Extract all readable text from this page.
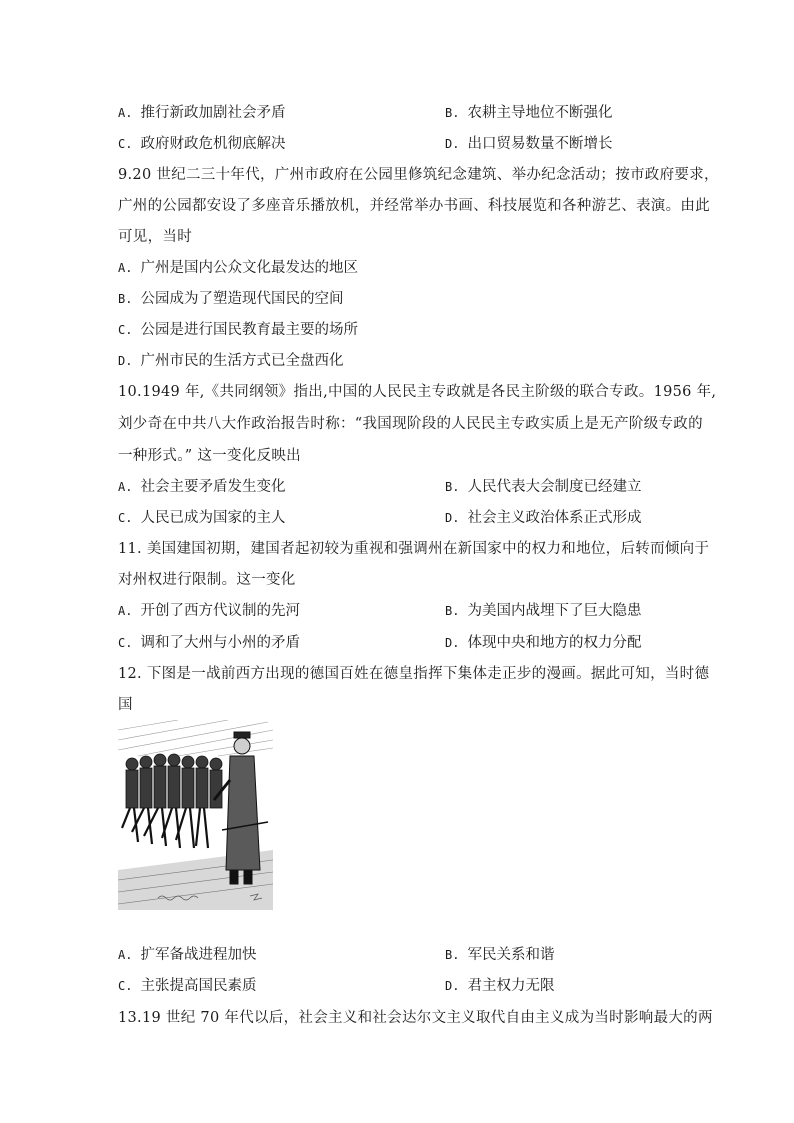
A. 推行新政加剧社会矛盾	B. 农耕主导地位不断强化
C. 政府财政危机彻底解决	D. 出口贸易数量不断增长
9.20 世纪二三十年代，广州市政府在公园里修筑纪念建筑、举办纪念活动；按市政府要求，
广州的公园都安设了多座音乐播放机，并经常举办书画、科技展览和各种游艺、表演。由此
可见，当时
A. 广州是国内公众文化最发达的地区
B. 公园成为了塑造现代国民的空间
C. 公园是进行国民教育最主要的场所
D. 广州市民的生活方式已全盘西化
10.1949 年,《共同纲领》指出,中国的人民民主专政就是各民主阶级的联合专政。1956 年,
刘少奇在中共八大作政治报告时称：“我国现阶段的人民民主专政实质上是无产阶级专政的
一种形式。” 这一变化反映出
A. 社会主要矛盾发生变化	B. 人民代表大会制度已经建立
C. 人民已成为国家的主人	D. 社会主义政治体系正式形成
11. 美国建国初期，建国者起初较为重视和强调州在新国家中的权力和地位，后转而倾向于
对州权进行限制。这一变化
A. 开创了西方代议制的先河	B. 为美国内战埋下了巨大隐患
C. 调和了大州与小州的矛盾	D. 体现中央和地方的权力分配
12. 下图是一战前西方出现的德国百姓在德皇指挥下集体走正步的漫画。据此可知，当时德
国
A. 扩军备战进程加快	B. 军民关系和谐
C. 主张提高国民素质	D. 君主权力无限
13.19 世纪 70 年代以后，社会主义和社会达尔文主义取代自由主义成为当时影响最大的两
